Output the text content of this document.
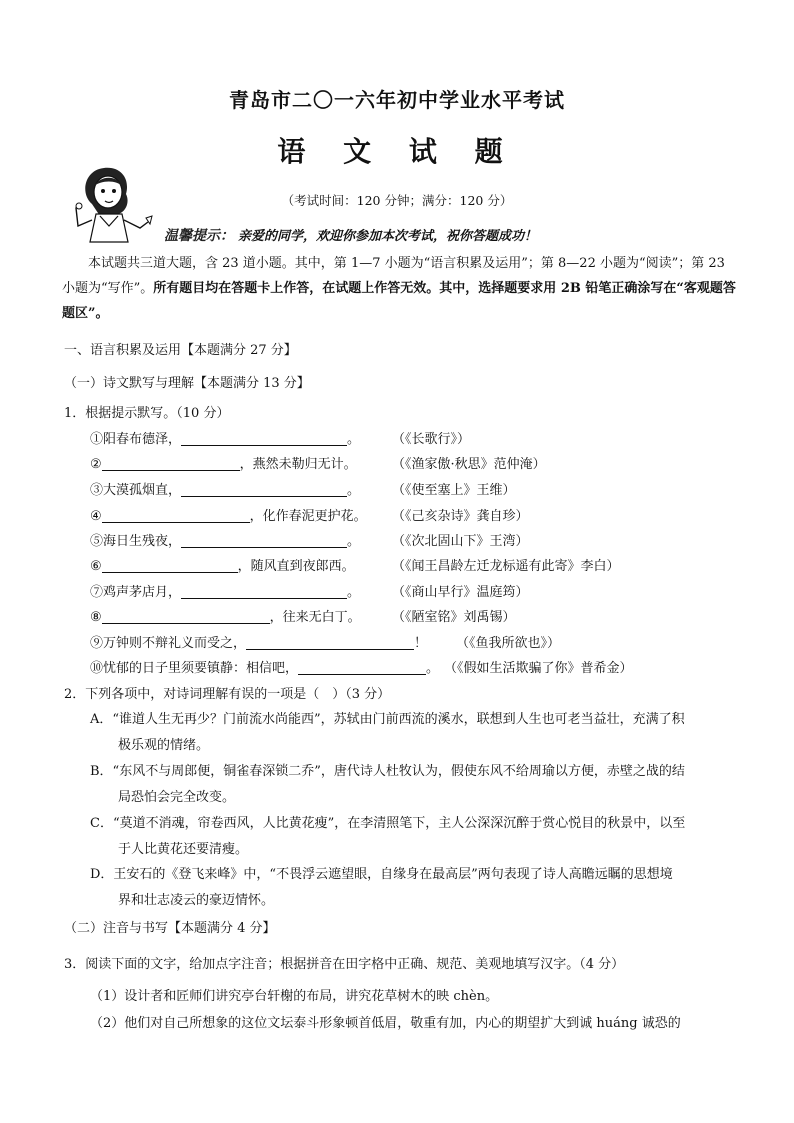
青岛市二〇一六年初中学业水平考试
语 文 试 题
（考试时间：120 分钟；满分：120 分）
温馨提示： 亲爱的同学，欢迎你参加本次考试，祝你答题成功！
本试题共三道大题，含 23 道小题。其中，第 1—7 小题为“语言积累及运用”；第 8—22 小题为“阅读”；第 23 小题为“写作”。所有题目均在答题卡上作答，在试题上作答无效。其中，选择题要求用 2B 铅笔正确涂写在“客观题答题区”。
一、语言积累及运用【本题满分 27 分】
（一）诗文默写与理解【本题满分 13 分】
1．根据提示默写。（10 分）
①阳春布德泽，	。 （《长歌行》）
②	，燕然未勒归无计。	（《渔家傲·秋思》范仲淹）
③大漠孤烟直，	。 （《使至塞上》王维）
④	，化作春泥更护花。 （《己亥杂诗》龚自珍）
⑤海日生残夜，	。 （《次北固山下》王湾）
⑥	，随风直到夜郎西。	（《闻王昌龄左迁龙标遥有此寄》李白）
⑦鸡声茅店月，	。 （《商山早行》温庭筠）
⑧	，往来无白丁。 （《陋室铭》刘禹锡）
⑨万钟则不辩礼义而受之，	！ （《鱼我所欲也》）
⑩忧郁的日子里须要镇静：相信吧，	。 （《假如生活欺骗了你》普希金）
2．下列各项中，对诗词理解有误的一项是（　）（3 分）
A．“谁道人生无再少？门前流水尚能西”，苏轼由门前西流的溪水，联想到人生也可老当益壮，充满了积
极乐观的情绪。
B．“东风不与周郎便，铜雀春深锁二乔”，唐代诗人杜牧认为，假使东风不给周瑜以方便，赤壁之战的结
局恐怕会完全改变。
C．“莫道不消魂，帘卷西风，人比黄花瘦”，在李清照笔下，主人公深深沉醉于赏心悦目的秋景中，以至
于人比黄花还要清瘦。
D．王安石的《登飞来峰》中，“不畏浮云遮望眼，自缘身在最高层”两句表现了诗人高瞻远瞩的思想境
界和壮志凌云的豪迈情怀。
（二）注音与书写【本题满分 4 分】
3．阅读下面的文字，给加点字注音；根据拼音在田字格中正确、规范、美观地填写汉字。（4 分）
（1）设计者和匠师们讲究亭台轩榭的布局，讲究花草树木的映 chèn。
（2）他们对自己所想象的这位文坛泰斗形象顿首低眉，敬重有加，内心的期望扩大到诚 huáng 诚恐的
